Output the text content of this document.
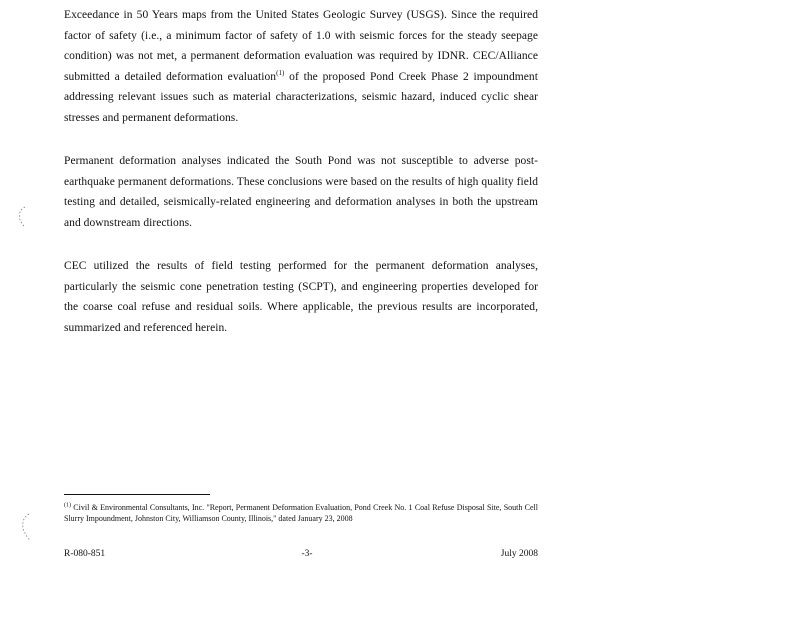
Exceedance in 50 Years maps from the United States Geologic Survey (USGS). Since the required factor of safety (i.e., a minimum factor of safety of 1.0 with seismic forces for the steady seepage condition) was not met, a permanent deformation evaluation was required by IDNR. CEC/Alliance submitted a detailed deformation evaluation$^{(1)}$ of the proposed Pond Creek Phase 2 impoundment addressing relevant issues such as material characterizations, seismic hazard, induced cyclic shear stresses and permanent deformations.

Permanent deformation analyses indicated the South Pond was not susceptible to adverse post-earthquake permanent deformations. These conclusions were based on the results of high quality field testing and detailed, seismically-related engineering and deformation analyses in both the upstream and downstream directions.

CEC utilized the results of field testing performed for the permanent deformation analyses, particularly the seismic cone penetration testing (SCPT), and engineering properties developed for the coarse coal refuse and residual soils. Where applicable, the previous results are incorporated, summarized and referenced herein.

$^{(1)}$ Civil & Environmental Consultants, Inc. "Report, Permanent Deformation Evaluation, Pond Creek No. 1 Coal Refuse Disposal Site, South Cell Slurry Impoundment, Johnston City, Williamson County, Illinois," dated January 23, 2008

R-080-851	-3-	July 2008
